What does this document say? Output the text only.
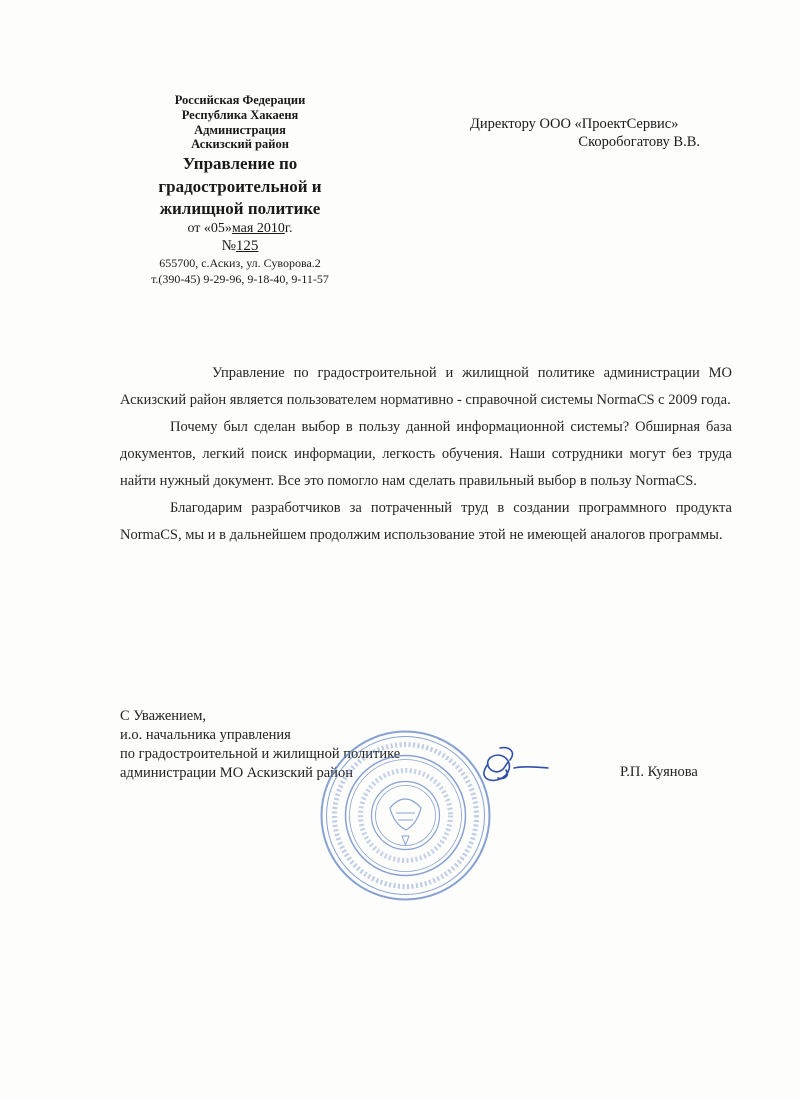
Российская Федерации
Республика Хакаеня
Администрация
Аскизский район
Управление по
градостроительной и
жилищной политике
от «05»мая 2010г.
№125
655700, с.Аскиз, ул. Суворова.2
т.(390-45) 9-29-96, 9-18-40, 9-11-57
Директору ООО «ПроектСервис»
Скоробогатову В.В.

Управление по градостроительной и жилищной политике администрации МО Аскизский район является пользователем нормативно - справочной системы NormaCS с 2009 года.

Почему был сделан выбор в пользу данной информационной системы? Обширная база документов, легкий поиск информации, легкость обучения. Наши сотрудники могут без труда найти нужный документ. Все это помогло нам сделать правильный выбор в пользу NormaCS.

Благодарим разработчиков за потраченный труд в создании программного продукта NormaCS, мы и в дальнейшем продолжим использование этой не имеющей аналогов программы.

С Уважением,
и.о. начальника управления
по градостроительной и жилищной политике
администрации МО Аскизский район	Р.П. Куянова
